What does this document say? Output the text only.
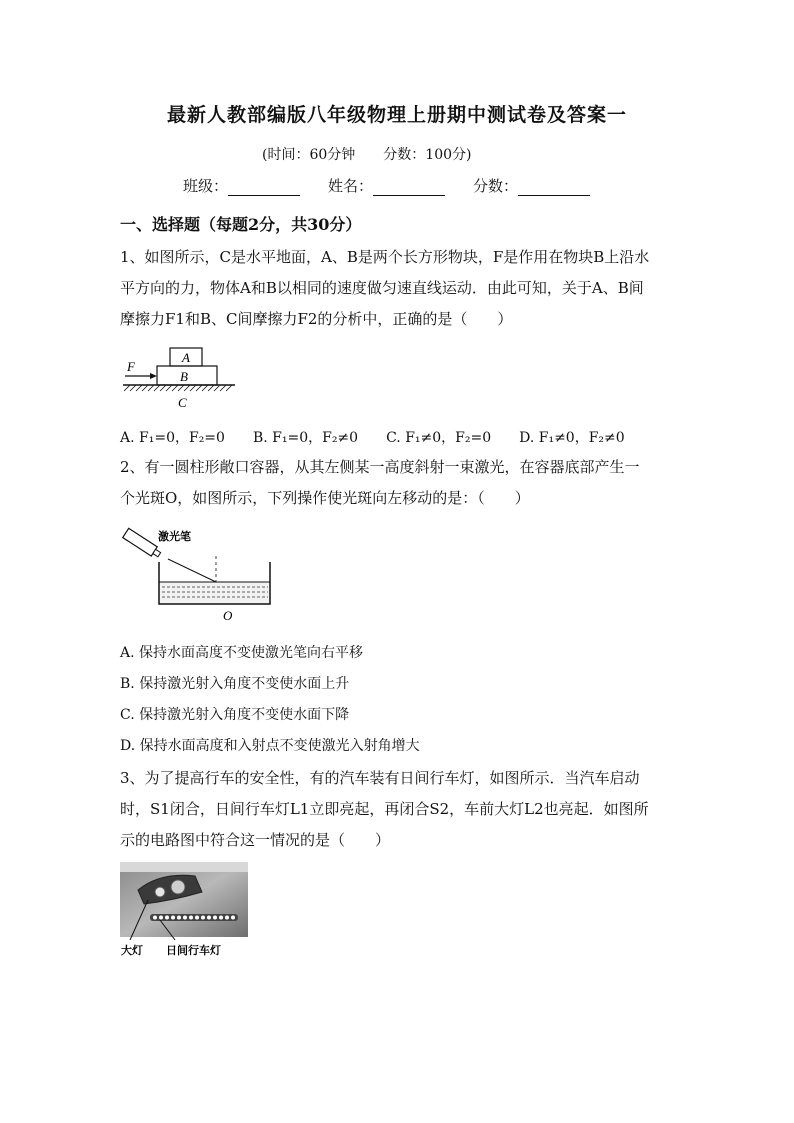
最新人教部编版八年级物理上册期中测试卷及答案一
(时间：60分钟 分数：100分)
班级：	姓名：	分数：
一、选择题（每题2分，共30分）
1、如图所示，C是水平地面，A、B是两个长方形物块，F是作用在物块B上沿水
平方向的力，物体A和B以相同的速度做匀速直线运动．由此可知，关于A、B间
摩擦力F1和B、C间摩擦力F2的分析中，正确的是（　　）
A
B
F
C
A. F₁=0，F₂=0 B. F₁=0，F₂≠0 C. F₁≠0，F₂=0 D. F₁≠0，F₂≠0
2、有一圆柱形敞口容器，从其左侧某一高度斜射一束激光，在容器底部产生一
个光斑O，如图所示，下列操作使光斑向左移动的是：（　　）
激光笔
O
A. 保持水面高度不变使激光笔向右平移
B. 保持激光射入角度不变使水面上升
C. 保持激光射入角度不变使水面下降
D. 保持水面高度和入射点不变使激光入射角增大
3、为了提高行车的安全性，有的汽车装有日间行车灯，如图所示．当汽车启动
时，S1闭合，日间行车灯L1立即亮起，再闭合S2，车前大灯L2也亮起．如图所
示的电路图中符合这一情况的是（　　）
大灯 日间行车灯
